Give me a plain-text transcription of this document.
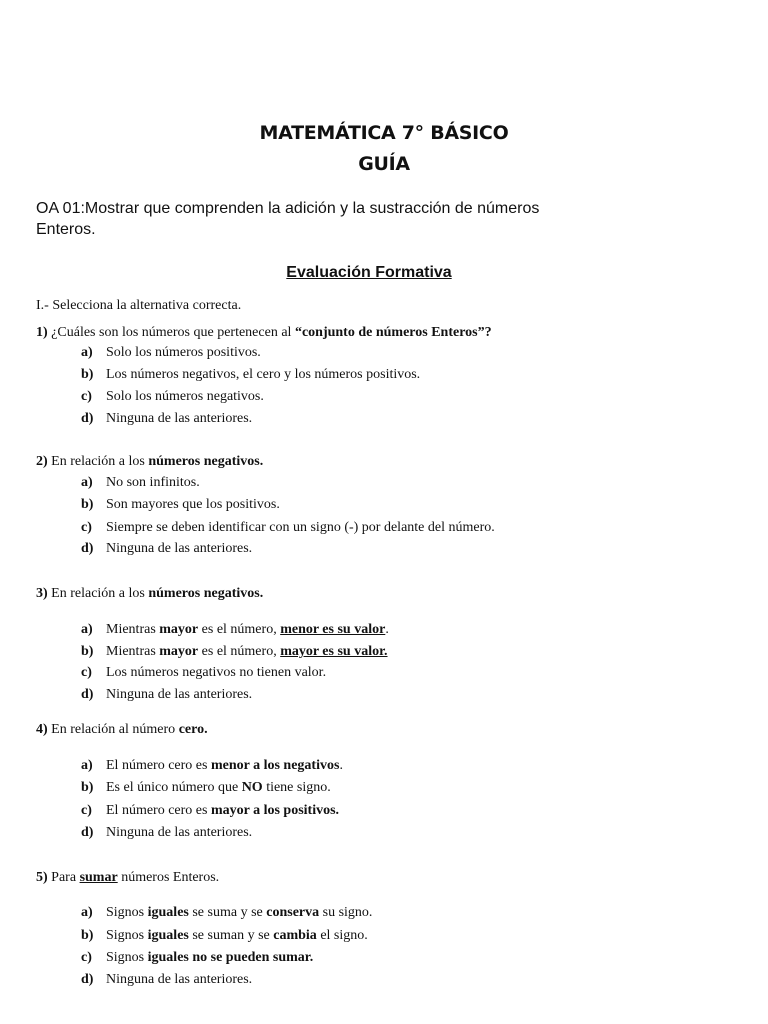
MATEMÁTICA 7° BÁSICO
GUÍA
OA 01:Mostrar que comprenden la adición y la sustracción de números
Enteros.
Evaluación Formativa
I.- Selecciona la alternativa correcta.
1) ¿Cuáles son los números que pertenecen al “conjunto de números Enteros”?
a) Solo los números positivos.
b) Los números negativos, el cero y los números positivos.
c) Solo los números negativos.
d) Ninguna de las anteriores.
2) En relación a los números negativos.
a) No son infinitos.
b) Son mayores que los positivos.
c) Siempre se deben identificar con un signo (-) por delante del número.
d) Ninguna de las anteriores.
3) En relación a los números negativos.
a) Mientras mayor es el número, menor es su valor.
b) Mientras mayor es el número, mayor es su valor.
c) Los números negativos no tienen valor.
d) Ninguna de las anteriores.
4) En relación al número cero.
a) El número cero es menor a los negativos.
b) Es el único número que NO tiene signo.
c) El número cero es mayor a los positivos.
d) Ninguna de las anteriores.
5) Para sumar números Enteros.
a) Signos iguales se suma y se conserva su signo.
b) Signos iguales se suman y se cambia el signo.
c) Signos iguales no se pueden sumar.
d) Ninguna de las anteriores.
